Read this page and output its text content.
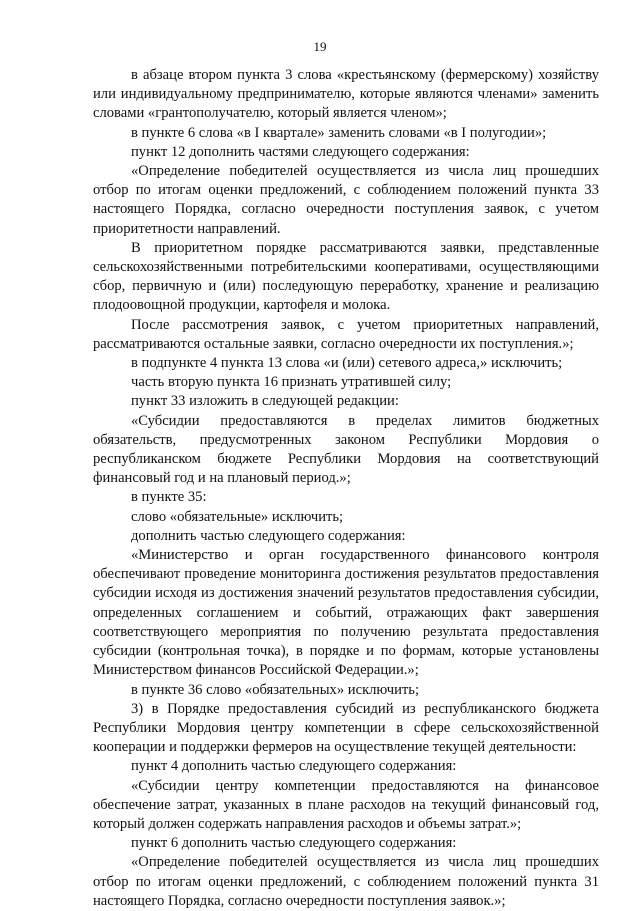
19

в абзаце втором пункта 3 слова «крестьянскому (фермерскому) хозяйству или индивидуальному предпринимателю, которые являются членами» заменить словами «грантополучателю, который является членом»;

в пункте 6 слова «в I квартале» заменить словами «в I полугодии»;

пункт 12 дополнить частями следующего содержания:

«Определение победителей осуществляется из числа лиц прошедших отбор по итогам оценки предложений, с соблюдением положений пункта 33 настоящего Порядка, согласно очередности поступления заявок, с учетом приоритетности направлений.

В приоритетном порядке рассматриваются заявки, представленные сельскохозяйственными потребительскими кооперативами, осуществляющими сбор, первичную и (или) последующую переработку, хранение и реализацию плодоовощной продукции, картофеля и молока.

После рассмотрения заявок, с учетом приоритетных направлений, рассматриваются остальные заявки, согласно очередности их поступления.»;

в подпункте 4 пункта 13 слова «и (или) сетевого адреса,» исключить;

часть вторую пункта 16 признать утратившей силу;

пункт 33 изложить в следующей редакции:

«Субсидии предоставляются в пределах лимитов бюджетных обязательств, предусмотренных законом Республики Мордовия о республиканском бюджете Республики Мордовия на соответствующий финансовый год и на плановый период.»;

в пункте 35:

слово «обязательные» исключить;

дополнить частью следующего содержания:

«Министерство и орган государственного финансового контроля обеспечивают проведение мониторинга достижения результатов предоставления субсидии исходя из достижения значений результатов предоставления субсидии, определенных соглашением и событий, отражающих факт завершения соответствующего мероприятия по получению результата предоставления субсидии (контрольная точка), в порядке и по формам, которые установлены Министерством финансов Российской Федерации.»;

в пункте 36 слово «обязательных» исключить;

3) в Порядке предоставления субсидий из республиканского бюджета Республики Мордовия центру компетенции в сфере сельскохозяйственной кооперации и поддержки фермеров на осуществление текущей деятельности:

пункт 4 дополнить частью следующего содержания:

«Субсидии центру компетенции предоставляются на финансовое обеспечение затрат, указанных в плане расходов на текущий финансовый год, который должен содержать направления расходов и объемы затрат.»;

пункт 6 дополнить частью следующего содержания:

«Определение победителей осуществляется из числа лиц прошедших отбор по итогам оценки предложений, с соблюдением положений пункта 31 настоящего Порядка, согласно очередности поступления заявок.»;
